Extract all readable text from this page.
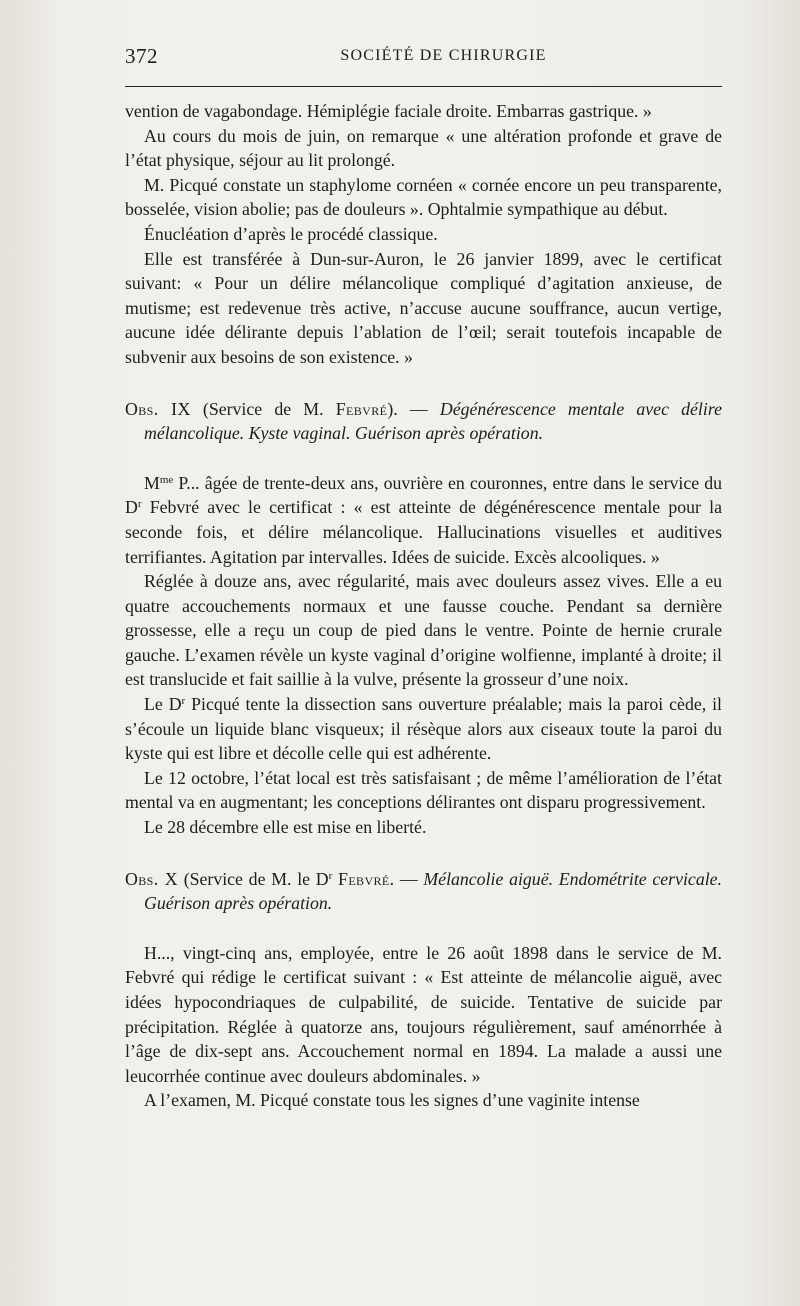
372	SOCIÉTÉ DE CHIRURGIE

vention de vagabondage. Hémiplégie faciale droite. Embarras gastrique. »

Au cours du mois de juin, on remarque « une altération profonde et grave de l’état physique, séjour au lit prolongé.

M. Picqué constate un staphylome cornéen « cornée encore un peu transparente, bosselée, vision abolie; pas de douleurs ». Ophtalmie sympathique au début.

Énucléation d’après le procédé classique.

Elle est transférée à Dun-sur-Auron, le 26 janvier 1899, avec le certificat suivant: « Pour un délire mélancolique compliqué d’agitation anxieuse, de mutisme; est redevenue très active, n’accuse aucune souffrance, aucun vertige, aucune idée délirante depuis l’ablation de l’œil; serait toutefois incapable de subvenir aux besoins de son existence. »

Obs. IX (Service de M. Febvré). — Dégénérescence mentale avec délire mélancolique. Kyste vaginal. Guérison après opération.

$M^{me}$ P... âgée de trente-deux ans, ouvrière en couronnes, entre dans le service du $D^r$ Febvré avec le certificat : « est atteinte de dégénérescence mentale pour la seconde fois, et délire mélancolique. Hallucinations visuelles et auditives terrifiantes. Agitation par intervalles. Idées de suicide. Excès alcooliques. »

Réglée à douze ans, avec régularité, mais avec douleurs assez vives. Elle a eu quatre accouchements normaux et une fausse couche. Pendant sa dernière grossesse, elle a reçu un coup de pied dans le ventre. Pointe de hernie crurale gauche. L’examen révèle un kyste vaginal d’origine wolfienne, implanté à droite; il est translucide et fait saillie à la vulve, présente la grosseur d’une noix.

Le $D^r$ Picqué tente la dissection sans ouverture préalable; mais la paroi cède, il s’écoule un liquide blanc visqueux; il résèque alors aux ciseaux toute la paroi du kyste qui est libre et décolle celle qui est adhérente.

Le 12 octobre, l’état local est très satisfaisant ; de même l’amélioration de l’état mental va en augmentant; les conceptions délirantes ont disparu progressivement.

Le 28 décembre elle est mise en liberté.

Obs. X (Service de M. le $D^r$ Febvré. — Mélancolie aiguë. Endométrite cervicale. Guérison après opération.

H..., vingt-cinq ans, employée, entre le 26 août 1898 dans le service de M. Febvré qui rédige le certificat suivant : « Est atteinte de mélancolie aiguë, avec idées hypocondriaques de culpabilité, de suicide. Tentative de suicide par précipitation. Réglée à quatorze ans, toujours régulièrement, sauf aménorrhée à l’âge de dix-sept ans. Accouchement normal en 1894. La malade a aussi une leucorrhée continue avec douleurs abdominales. »

A l’examen, M. Picqué constate tous les signes d’une vaginite intense
